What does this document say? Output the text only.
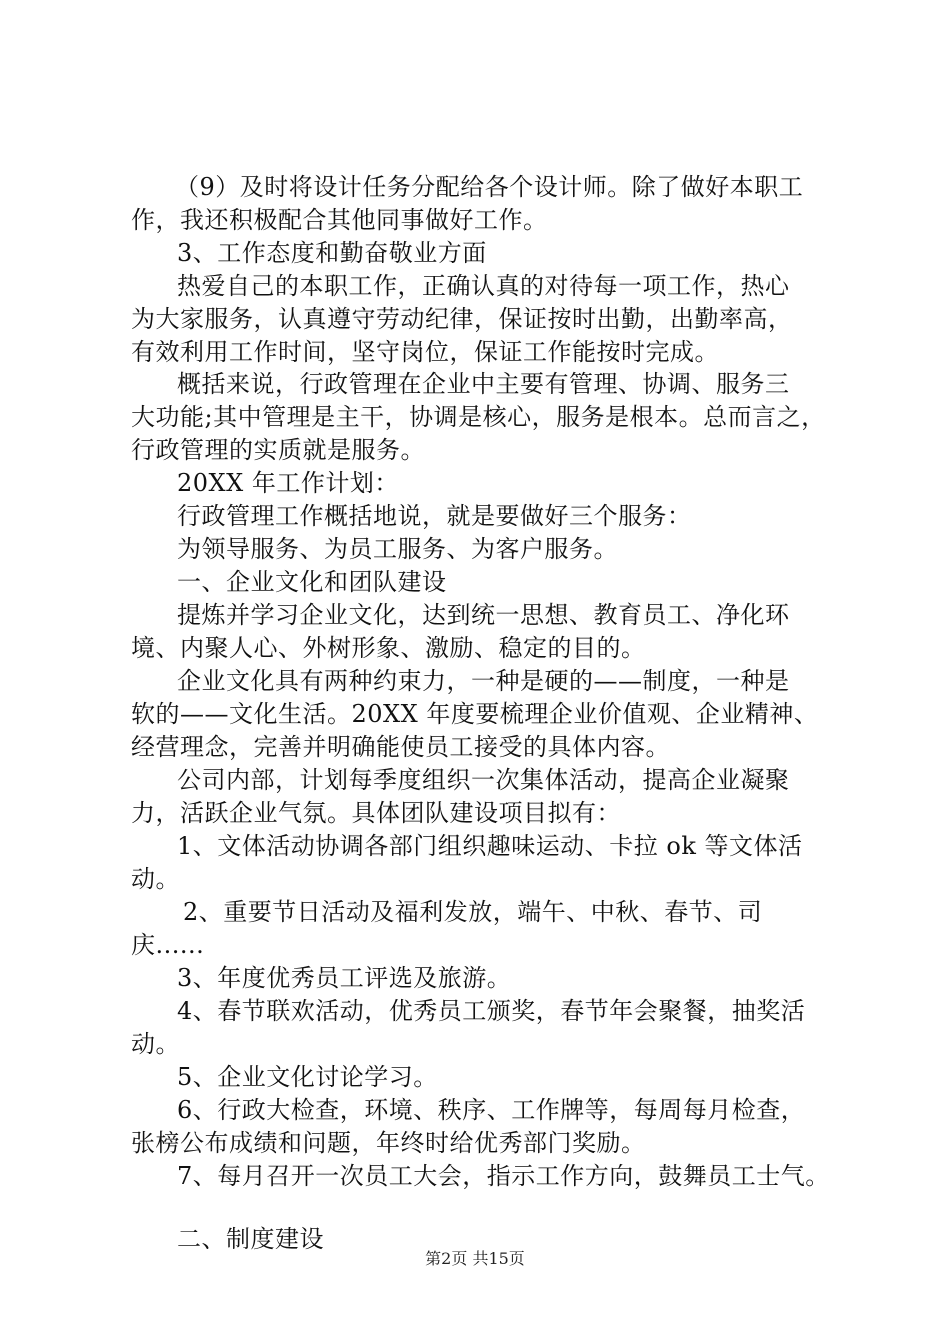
（9）及时将设计任务分配给各个设计师。除了做好本职工
作，我还积极配合其他同事做好工作。
3、工作态度和勤奋敬业方面
热爱自己的本职工作，正确认真的对待每一项工作，热心
为大家服务，认真遵守劳动纪律，保证按时出勤，出勤率高，
有效利用工作时间，坚守岗位，保证工作能按时完成。
概括来说，行政管理在企业中主要有管理、协调、服务三
大功能;其中管理是主干，协调是核心，服务是根本。总而言之，
行政管理的实质就是服务。
20XX 年工作计划：
行政管理工作概括地说，就是要做好三个服务：
为领导服务、为员工服务、为客户服务。
一、企业文化和团队建设
提炼并学习企业文化，达到统一思想、教育员工、净化环
境、内聚人心、外树形象、激励、稳定的目的。
企业文化具有两种约束力，一种是硬的——制度，一种是
软的——文化生活。20XX 年度要梳理企业价值观、企业精神、
经营理念，完善并明确能使员工接受的具体内容。
公司内部，计划每季度组织一次集体活动，提高企业凝聚
力，活跃企业气氛。具体团队建设项目拟有：
1、文体活动协调各部门组织趣味运动、卡拉 ok 等文体活
动。
2、重要节日活动及福利发放，端午、中秋、春节、司
庆......
3、年度优秀员工评选及旅游。
4、春节联欢活动，优秀员工颁奖，春节年会聚餐，抽奖活
动。
5、企业文化讨论学习。
6、行政大检查，环境、秩序、工作牌等，每周每月检查，
张榜公布成绩和问题，年终时给优秀部门奖励。
7、每月召开一次员工大会，指示工作方向，鼓舞员工士气。
二、制度建设
第2页 共15页
